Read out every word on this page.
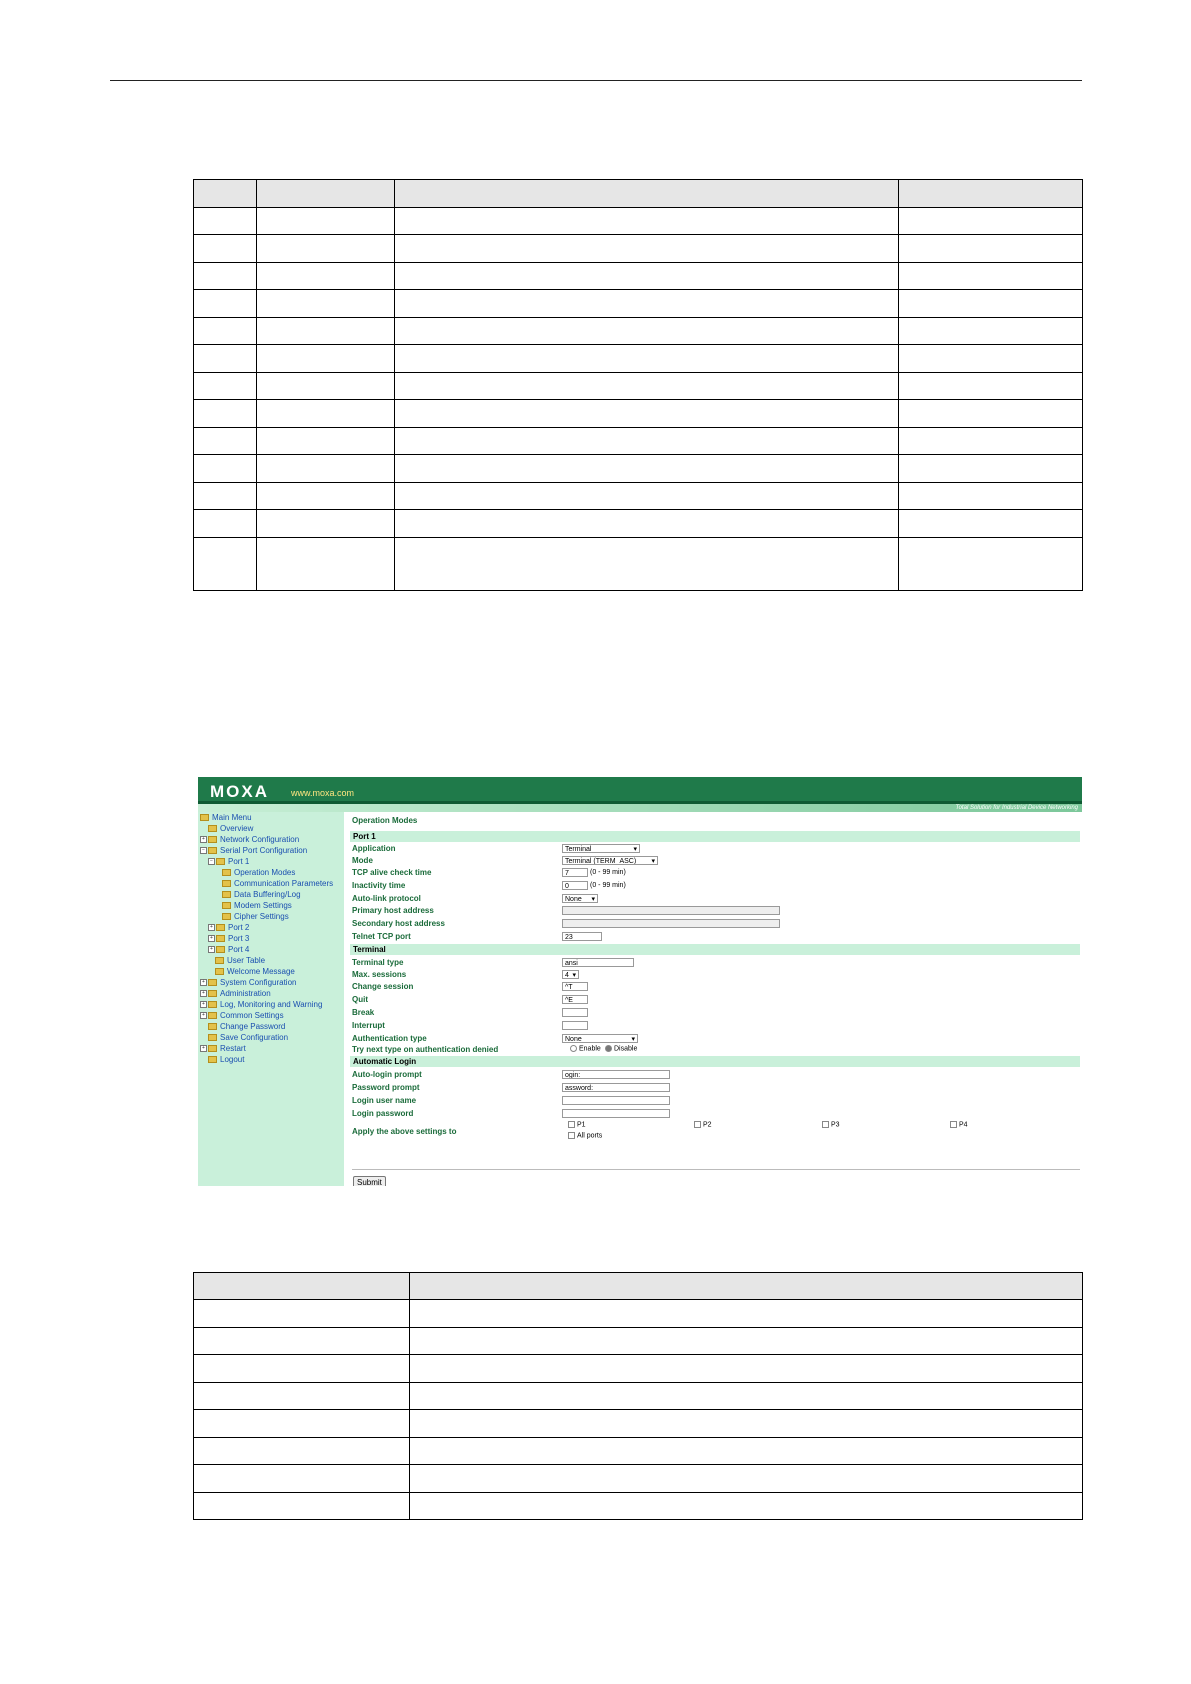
MOXA www.moxa.com
Total Solution for Industrial Device Networking
Main Menu
Overview
+ Network Configuration
− Serial Port Configuration
− Port 1
Operation Modes
Communication Parameters
Data Buffering/Log
Modem Settings
Cipher Settings
+ Port 2
+ Port 3
+ Port 4
User Table
Welcome Message
+ System Configuration
+ Administration
+ Log, Monitoring and Warning
+ Common Settings
Change Password
Save Configuration
+ Restart
Logout
Operation Modes
Port 1
Application	Terminal ▾
Mode	Terminal (TERM_ASC) ▾
TCP alive check time	7	(0 - 99 min)
Inactivity time	0	(0 - 99 min)
Auto-link protocol	None ▾
Primary host address
Secondary host address
Telnet TCP port	23
Terminal
Terminal type	ansi
Max. sessions	4 ▾
Change session	^T
Quit	^E
Break
Interrupt
Authentication type	None ▾
Try next type on authentication denied	Enable	Disable
Automatic Login
Auto-login prompt	ogin:
Password prompt	assword:
Login user name
Login password
Apply the above settings to
P1	P2	P3	P4
All ports
Submit
